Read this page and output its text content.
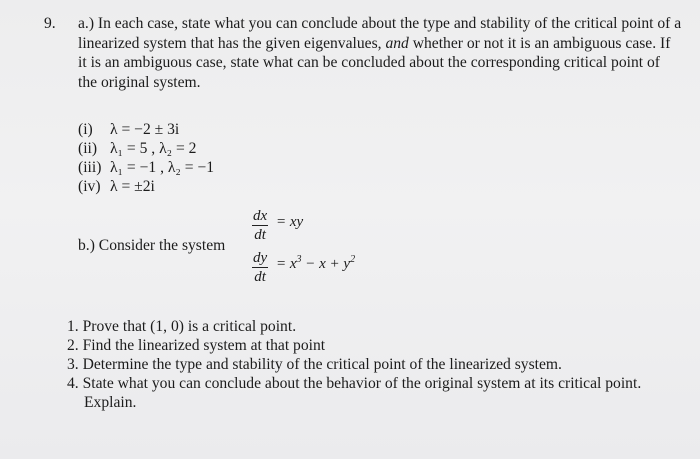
9. a.) In each case, state what you can conclude about the type and stability of the critical point of a

linearized system that has the given eigenvalues, and whether or not it is an ambiguous case. If

it is an ambiguous case, state what can be concluded about the corresponding critical point of

the original system.

(i) λ = −2 ± 3i
(ii) λ₁ = 5 , λ₂ = 2
(iii) λ₁ = −1 , λ₂ = −1
(iv) λ = ±2i
b.) Consider the system
$\frac{dx}{dt}$ = xy
$\frac{dy}{dt} = x^3 - x + y^2$
1. Prove that (1, 0) is a critical point.
2. Find the linearized system at that point
3. Determine the type and stability of the critical point of the linearized system.
4. State what you can conclude about the behavior of the original system at its critical point.
Explain.
